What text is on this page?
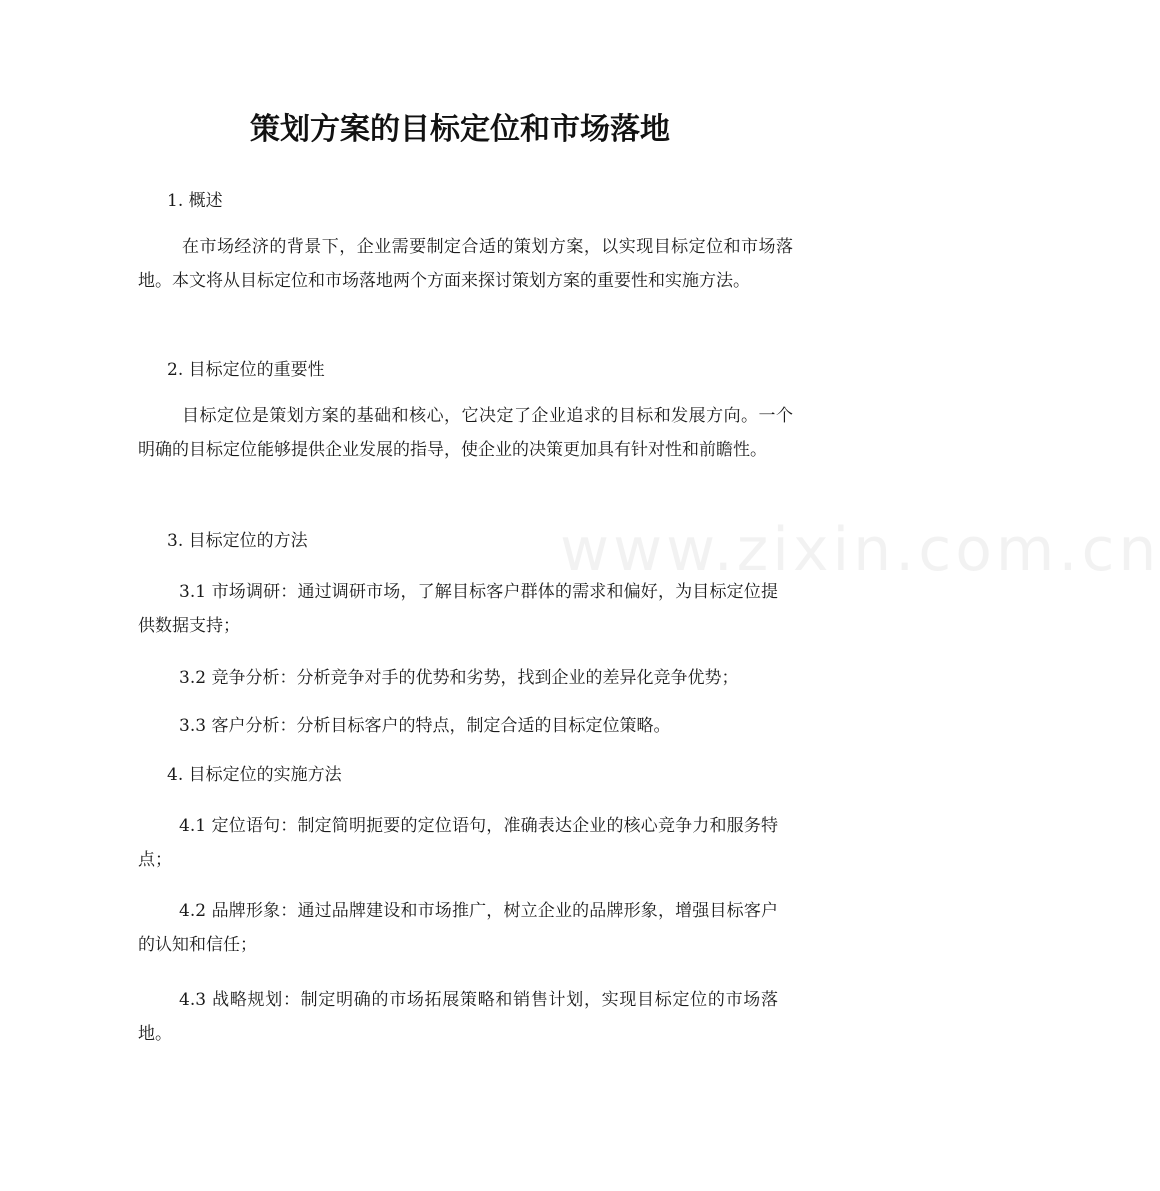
www.zixin.com.cn
策划方案的目标定位和市场落地
1. 概述
在市场经济的背景下，企业需要制定合适的策划方案，以实现目标定位和市场落地。本文将从目标定位和市场落地两个方面来探讨策划方案的重要性和实施方法。
2. 目标定位的重要性
目标定位是策划方案的基础和核心，它决定了企业追求的目标和发展方向。一个明确的目标定位能够提供企业发展的指导，使企业的决策更加具有针对性和前瞻性。
3. 目标定位的方法
3.1 市场调研：通过调研市场，了解目标客户群体的需求和偏好，为目标定位提供数据支持；
3.2 竞争分析：分析竞争对手的优势和劣势，找到企业的差异化竞争优势；
3.3 客户分析：分析目标客户的特点，制定合适的目标定位策略。
4. 目标定位的实施方法
4.1 定位语句：制定简明扼要的定位语句，准确表达企业的核心竞争力和服务特点；
4.2 品牌形象：通过品牌建设和市场推广，树立企业的品牌形象，增强目标客户的认知和信任；
4.3 战略规划：制定明确的市场拓展策略和销售计划，实现目标定位的市场落地。
